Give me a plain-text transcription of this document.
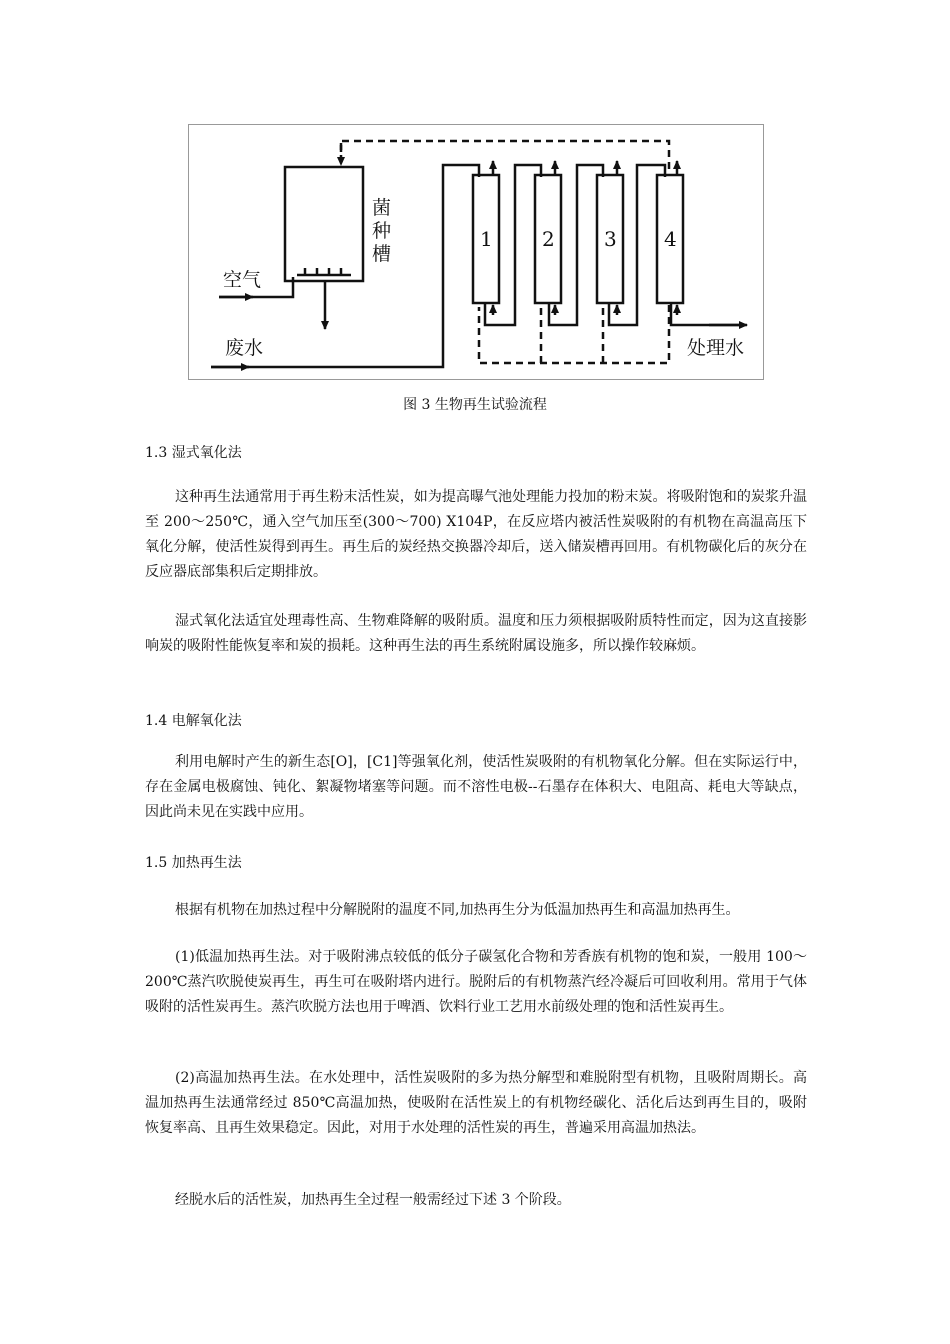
菌种槽
空气
废水	处理水
1 2 3 4
图 3 生物再生试验流程
1.3 湿式氧化法

这种再生法通常用于再生粉末活性炭，如为提高曝气池处理能力投加的粉末炭。将吸附饱和的炭浆升温至 200～250℃，通入空气加压至(300～700) X104P，在反应塔内被活性炭吸附的有机物在高温高压下氧化分解，使活性炭得到再生。再生后的炭经热交换器冷却后，送入储炭槽再回用。有机物碳化后的灰分在反应器底部集积后定期排放。

湿式氧化法适宜处理毒性高、生物难降解的吸附质。温度和压力须根据吸附质特性而定，因为这直接影响炭的吸附性能恢复率和炭的损耗。这种再生法的再生系统附属设施多，所以操作较麻烦。

1.4 电解氧化法

利用电解时产生的新生态[O]，[C1]等强氧化剂，使活性炭吸附的有机物氧化分解。但在实际运行中，存在金属电极腐蚀、钝化、絮凝物堵塞等问题。而不溶性电极--石墨存在体积大、电阻高、耗电大等缺点，因此尚未见在实践中应用。

1.5 加热再生法

根据有机物在加热过程中分解脱附的温度不同,加热再生分为低温加热再生和高温加热再生。

(1)低温加热再生法。对于吸附沸点较低的低分子碳氢化合物和芳香族有机物的饱和炭，一般用 100～200℃蒸汽吹脱使炭再生，再生可在吸附塔内进行。脱附后的有机物蒸汽经冷凝后可回收利用。常用于气体吸附的活性炭再生。蒸汽吹脱方法也用于啤酒、饮料行业工艺用水前级处理的饱和活性炭再生。

(2)高温加热再生法。在水处理中，活性炭吸附的多为热分解型和难脱附型有机物，且吸附周期长。高温加热再生法通常经过 850℃高温加热，使吸附在活性炭上的有机物经碳化、活化后达到再生目的，吸附恢复率高、且再生效果稳定。因此，对用于水处理的活性炭的再生，普遍采用高温加热法。

经脱水后的活性炭，加热再生全过程一般需经过下述 3 个阶段。
